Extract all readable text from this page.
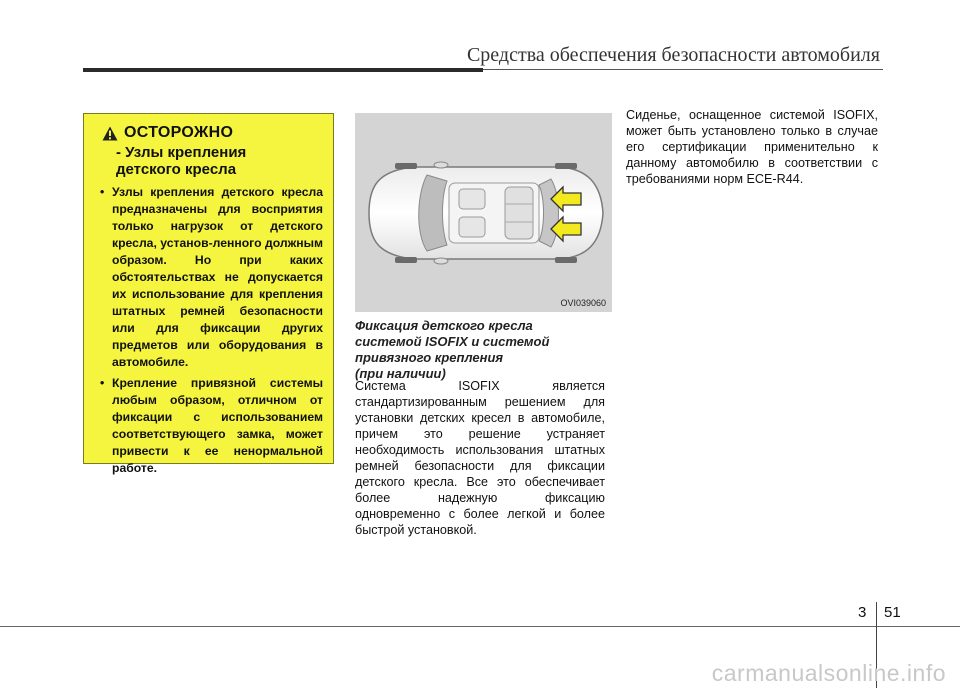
Средства обеспечения безопасности автомобиля
ОСТОРОЖНО
- Узлы крепления детского кресла
• Узлы крепления детского кресла предназначены для восприятия только нагрузок от детского кресла, установ-ленного должным образом. Но при каких обстоятельствах не допускается их использование для крепления штатных ремней безопасности или для фиксации других предметов или оборудования в автомобиле.
• Крепление привязной системы любым образом, отличном от фиксации с использованием соответствующего замка, может привести к ее ненормальной работе.
OVI039060
Фиксация детского кресла
системой ISOFIX и системой
привязного крепления
(при наличии)
Система ISOFIX является стандартизированным решением для установки детских кресел в автомобиле, причем это решение устраняет необходимость использования штатных ремней безопасности для фиксации детского кресла. Все это обеспечивает более надежную фиксацию одновременно с более легкой и более быстрой установкой.
Сиденье, оснащенное системой ISOFIX, может быть установлено только в случае его сертификации применительно к данному автомобилю в соответствии с требованиями норм ECE-R44.
3 51
carmanualsonline.info
